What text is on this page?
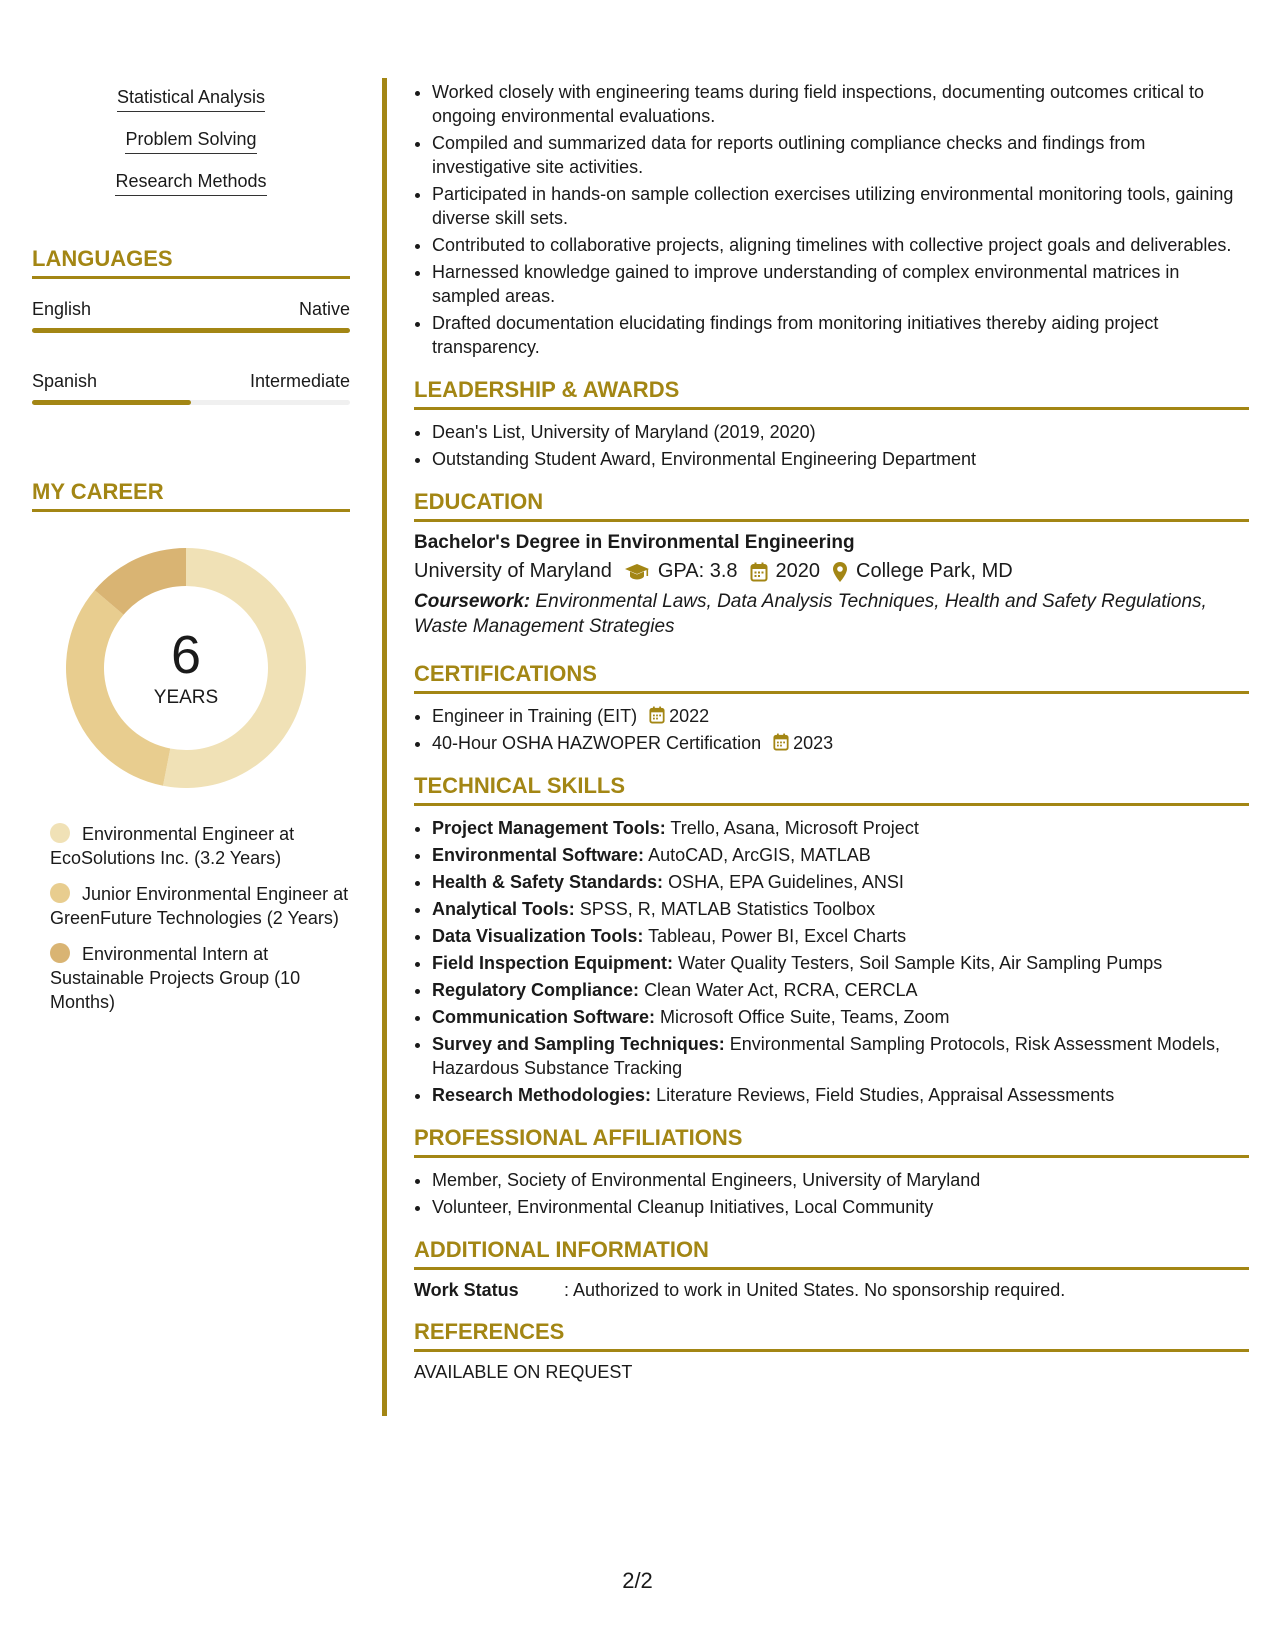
Statistical Analysis
Problem Solving
Research Methods
LANGUAGES
English	Native
Spanish	Intermediate
MY CAREER
6
YEARS
Environmental Engineer at EcoSolutions Inc. (3.2 Years)
Junior Environmental Engineer at GreenFuture Technologies (2 Years)
Environmental Intern at Sustainable Projects Group (10 Months)
• Worked closely with engineering teams during field inspections, documenting outcomes critical to ongoing environmental evaluations.
• Compiled and summarized data for reports outlining compliance checks and findings from investigative site activities.
• Participated in hands-on sample collection exercises utilizing environmental monitoring tools, gaining diverse skill sets.
• Contributed to collaborative projects, aligning timelines with collective project goals and deliverables.
• Harnessed knowledge gained to improve understanding of complex environmental matrices in sampled areas.
• Drafted documentation elucidating findings from monitoring initiatives thereby aiding project transparency.
LEADERSHIP & AWARDS
• Dean's List, University of Maryland (2019, 2020)
• Outstanding Student Award, Environmental Engineering Department
EDUCATION
Bachelor's Degree in Environmental Engineering
University of Maryland GPA: 3.8 2020 College Park, MD
Coursework: Environmental Laws, Data Analysis Techniques, Health and Safety Regulations, Waste Management Strategies
CERTIFICATIONS
• Engineer in Training (EIT) 2022
• 40-Hour OSHA HAZWOPER Certification 2023
TECHNICAL SKILLS
• Project Management Tools: Trello, Asana, Microsoft Project
• Environmental Software: AutoCAD, ArcGIS, MATLAB
• Health & Safety Standards: OSHA, EPA Guidelines, ANSI
• Analytical Tools: SPSS, R, MATLAB Statistics Toolbox
• Data Visualization Tools: Tableau, Power BI, Excel Charts
• Field Inspection Equipment: Water Quality Testers, Soil Sample Kits, Air Sampling Pumps
• Regulatory Compliance: Clean Water Act, RCRA, CERCLA
• Communication Software: Microsoft Office Suite, Teams, Zoom
• Survey and Sampling Techniques: Environmental Sampling Protocols, Risk Assessment Models, Hazardous Substance Tracking
• Research Methodologies: Literature Reviews, Field Studies, Appraisal Assessments
PROFESSIONAL AFFILIATIONS
• Member, Society of Environmental Engineers, University of Maryland
• Volunteer, Environmental Cleanup Initiatives, Local Community
ADDITIONAL INFORMATION
Work Status	: Authorized to work in United States. No sponsorship required.
REFERENCES
AVAILABLE ON REQUEST
2/2
